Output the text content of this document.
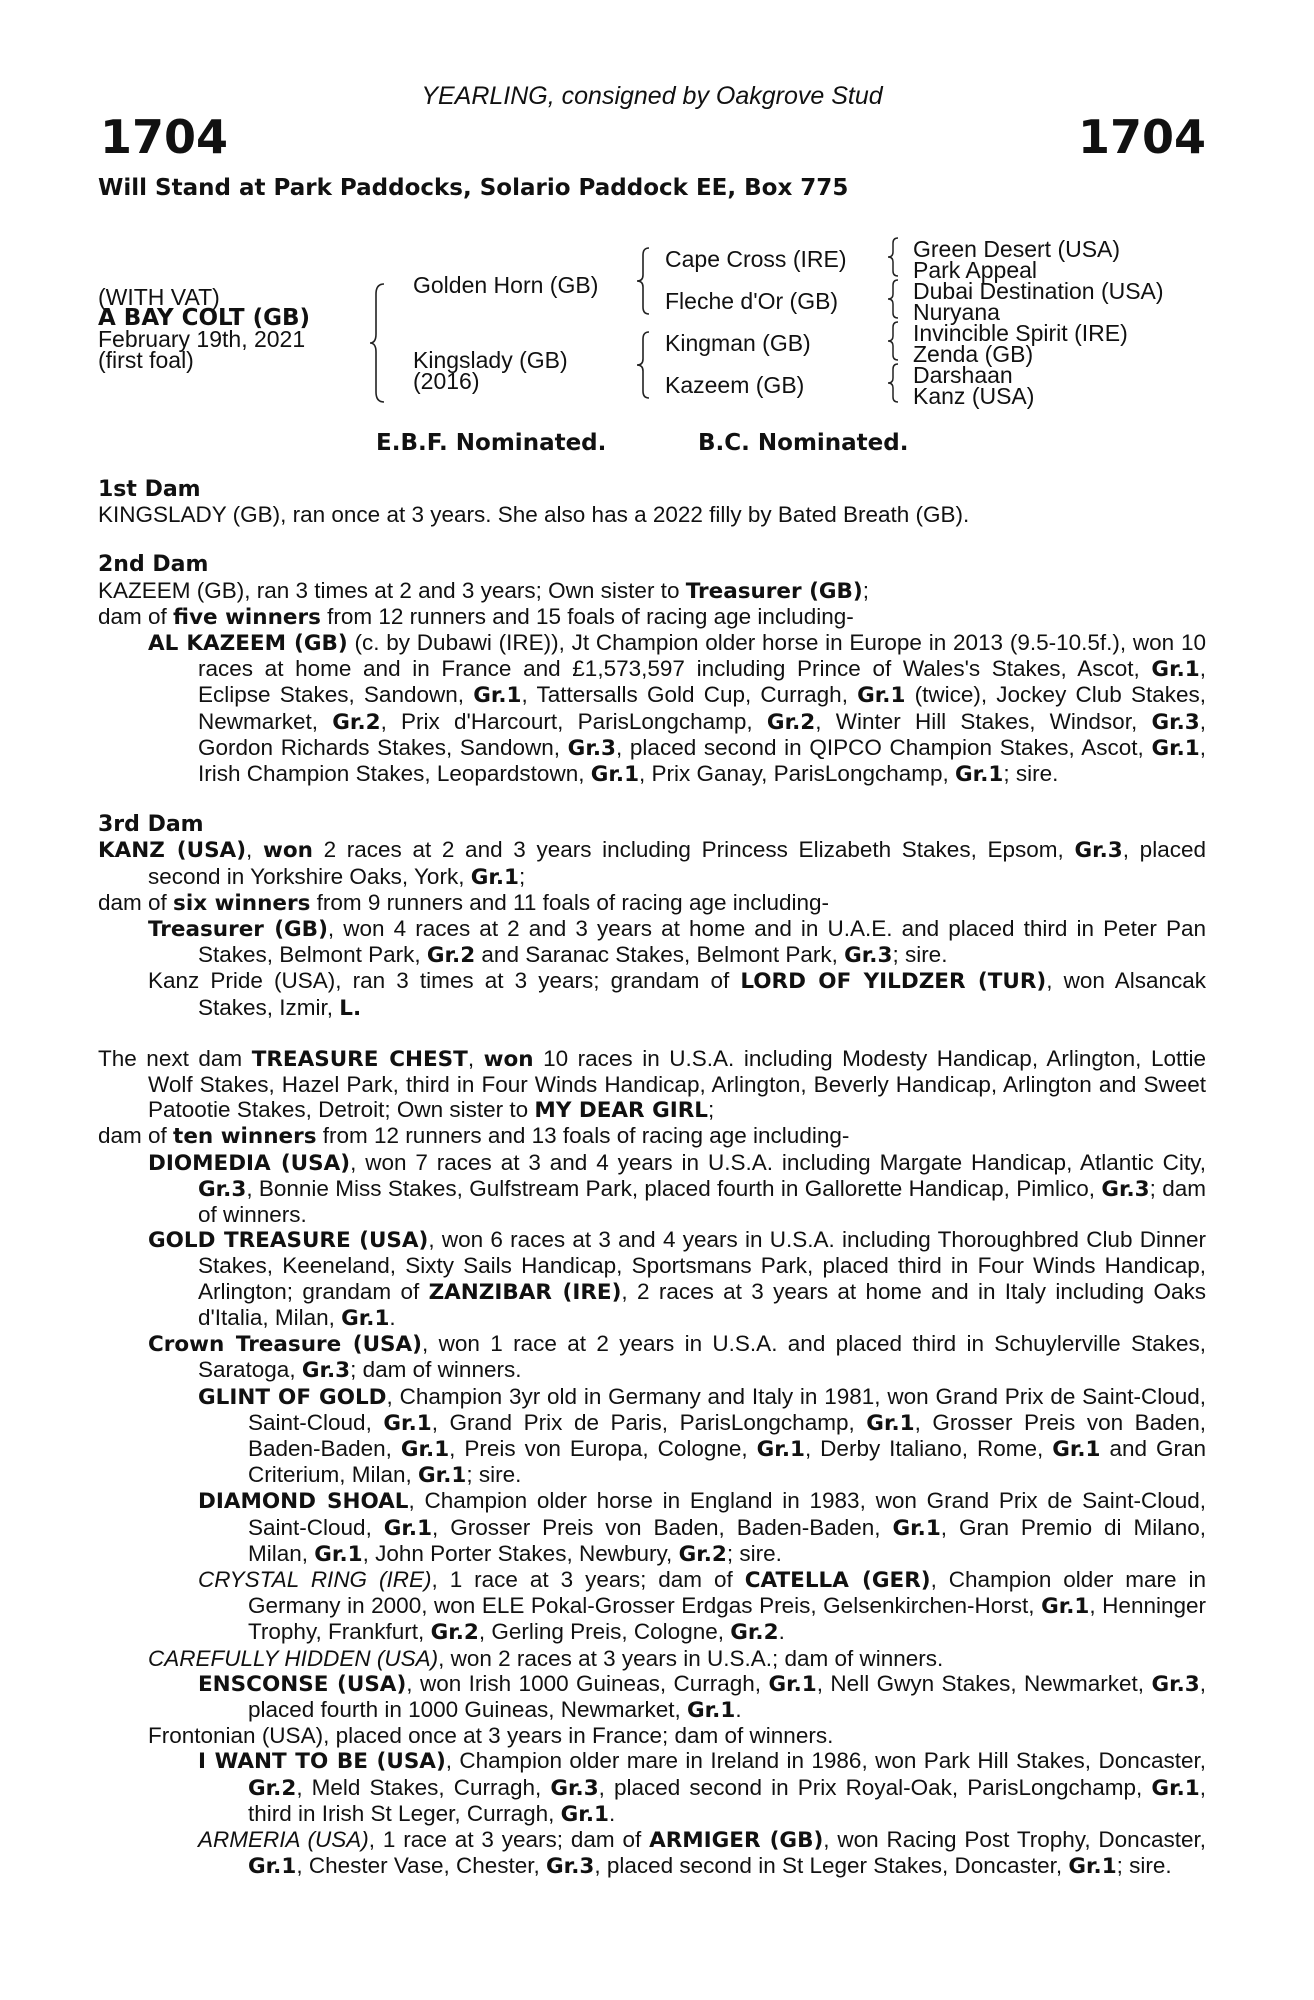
YEARLING, consigned by Oakgrove Stud
1704	1704
Will Stand at Park Paddocks, Solario Paddock EE, Box 775
(WITH VAT)
A BAY COLT (GB)
February 19th, 2021
(first foal)
Golden Horn (GB)
Kingslady (GB)
(2016)
Cape Cross (IRE)
Fleche d'Or (GB)
Kingman (GB)
Kazeem (GB)
Green Desert (USA)
Park Appeal
Dubai Destination (USA)
Nuryana
Invincible Spirit (IRE)
Zenda (GB)
Darshaan
Kanz (USA)
E.B.F. Nominated.	B.C. Nominated.

1st Dam

KINGSLADY (GB), ran once at 3 years. She also has a 2022 filly by Bated Breath (GB).

2nd Dam

KAZEEM (GB), ran 3 times at 2 and 3 years; Own sister to Treasurer (GB);

dam of five winners from 12 runners and 15 foals of racing age including-

AL KAZEEM (GB) (c. by Dubawi (IRE)), Jt Champion older horse in Europe in 2013 (9.5-10.5f.), won 10 races at home and in France and £1,573,597 including Prince of Wales's Stakes, Ascot, Gr.1, Eclipse Stakes, Sandown, Gr.1, Tattersalls Gold Cup, Curragh, Gr.1 (twice), Jockey Club Stakes, Newmarket, Gr.2, Prix d'Harcourt, ParisLongchamp, Gr.2, Winter Hill Stakes, Windsor, Gr.3, Gordon Richards Stakes, Sandown, Gr.3, placed second in QIPCO Champion Stakes, Ascot, Gr.1, Irish Champion Stakes, Leopardstown, Gr.1, Prix Ganay, ParisLongchamp, Gr.1; sire.

3rd Dam

KANZ (USA), won 2 races at 2 and 3 years including Princess Elizabeth Stakes, Epsom, Gr.3, placed second in Yorkshire Oaks, York, Gr.1;

dam of six winners from 9 runners and 11 foals of racing age including-

Treasurer (GB), won 4 races at 2 and 3 years at home and in U.A.E. and placed third in Peter Pan Stakes, Belmont Park, Gr.2 and Saranac Stakes, Belmont Park, Gr.3; sire.

Kanz Pride (USA), ran 3 times at 3 years; grandam of LORD OF YILDZER (TUR), won Alsancak Stakes, Izmir, L.

The next dam TREASURE CHEST, won 10 races in U.S.A. including Modesty Handicap, Arlington, Lottie Wolf Stakes, Hazel Park, third in Four Winds Handicap, Arlington, Beverly Handicap, Arlington and Sweet Patootie Stakes, Detroit; Own sister to MY DEAR GIRL;

dam of ten winners from 12 runners and 13 foals of racing age including-

DIOMEDIA (USA), won 7 races at 3 and 4 years in U.S.A. including Margate Handicap, Atlantic City, Gr.3, Bonnie Miss Stakes, Gulfstream Park, placed fourth in Gallorette Handicap, Pimlico, Gr.3; dam of winners.

GOLD TREASURE (USA), won 6 races at 3 and 4 years in U.S.A. including Thoroughbred Club Dinner Stakes, Keeneland, Sixty Sails Handicap, Sportsmans Park, placed third in Four Winds Handicap, Arlington; grandam of ZANZIBAR (IRE), 2 races at 3 years at home and in Italy including Oaks d'Italia, Milan, Gr.1.

Crown Treasure (USA), won 1 race at 2 years in U.S.A. and placed third in Schuylerville Stakes, Saratoga, Gr.3; dam of winners.

GLINT OF GOLD, Champion 3yr old in Germany and Italy in 1981, won Grand Prix de Saint-Cloud, Saint-Cloud, Gr.1, Grand Prix de Paris, ParisLongchamp, Gr.1, Grosser Preis von Baden, Baden-Baden, Gr.1, Preis von Europa, Cologne, Gr.1, Derby Italiano, Rome, Gr.1 and Gran Criterium, Milan, Gr.1; sire.

DIAMOND SHOAL, Champion older horse in England in 1983, won Grand Prix de Saint-Cloud, Saint-Cloud, Gr.1, Grosser Preis von Baden, Baden-Baden, Gr.1, Gran Premio di Milano, Milan, Gr.1, John Porter Stakes, Newbury, Gr.2; sire.

CRYSTAL RING (IRE), 1 race at 3 years; dam of CATELLA (GER), Champion older mare in Germany in 2000, won ELE Pokal-Grosser Erdgas Preis, Gelsenkirchen-Horst, Gr.1, Henninger Trophy, Frankfurt, Gr.2, Gerling Preis, Cologne, Gr.2.

CAREFULLY HIDDEN (USA), won 2 races at 3 years in U.S.A.; dam of winners.

ENSCONSE (USA), won Irish 1000 Guineas, Curragh, Gr.1, Nell Gwyn Stakes, Newmarket, Gr.3, placed fourth in 1000 Guineas, Newmarket, Gr.1.

Frontonian (USA), placed once at 3 years in France; dam of winners.

I WANT TO BE (USA), Champion older mare in Ireland in 1986, won Park Hill Stakes, Doncaster, Gr.2, Meld Stakes, Curragh, Gr.3, placed second in Prix Royal-Oak, ParisLongchamp, Gr.1, third in Irish St Leger, Curragh, Gr.1.

ARMERIA (USA), 1 race at 3 years; dam of ARMIGER (GB), won Racing Post Trophy, Doncaster, Gr.1, Chester Vase, Chester, Gr.3, placed second in St Leger Stakes, Doncaster, Gr.1; sire.
